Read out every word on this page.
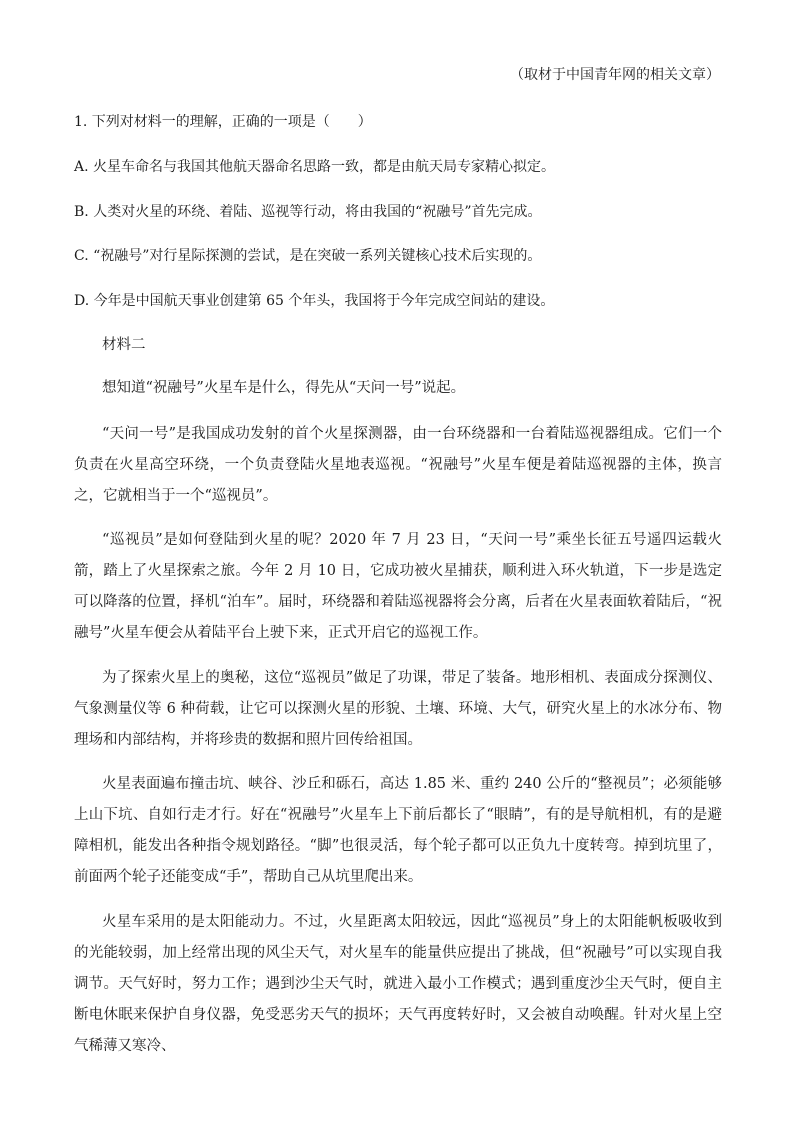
（取材于中国青年网的相关文章）
1. 下列对材料一的理解，正确的一项是（　　）
A. 火星车命名与我国其他航天器命名思路一致，都是由航天局专家精心拟定。
B. 人类对火星的环绕、着陆、巡视等行动，将由我国的“祝融号”首先完成。
C. “祝融号”对行星际探测的尝试，是在突破一系列关键核心技术后实现的。
D. 今年是中国航天事业创建第 65 个年头，我国将于今年完成空间站的建设。
材料二

想知道“祝融号”火星车是什么，得先从“天问一号”说起。

“天问一号”是我国成功发射的首个火星探测器，由一台环绕器和一台着陆巡视器组成。它们一个负责在火星高空环绕，一个负责登陆火星地表巡视。“祝融号”火星车便是着陆巡视器的主体，换言之，它就相当于一个“巡视员”。

“巡视员”是如何登陆到火星的呢？2020 年 7 月 23 日，“天问一号”乘坐长征五号遥四运载火箭，踏上了火星探索之旅。今年 2 月 10 日，它成功被火星捕获，顺利进入环火轨道，下一步是选定可以降落的位置，择机“泊车”。届时，环绕器和着陆巡视器将会分离，后者在火星表面软着陆后，“祝融号”火星车便会从着陆平台上驶下来，正式开启它的巡视工作。

为了探索火星上的奥秘，这位“巡视员”做足了功课，带足了装备。地形相机、表面成分探测仪、气象测量仪等 6 种荷载，让它可以探测火星的形貌、土壤、环境、大气，研究火星上的水冰分布、物理场和内部结构，并将珍贵的数据和照片回传给祖国。

火星表面遍布撞击坑、峡谷、沙丘和砾石，高达 1.85 米、重约 240 公斤的“整视员”；必须能够上山下坑、自如行走才行。好在“祝融号”火星车上下前后都长了“眼睛”，有的是导航相机，有的是避障相机，能发出各种指令规划路径。“脚”也很灵活，每个轮子都可以正负九十度转弯。掉到坑里了，前面两个轮子还能变成“手”，帮助自己从坑里爬出来。

火星车采用的是太阳能动力。不过，火星距离太阳较远，因此“巡视员”身上的太阳能帆板吸收到的光能较弱，加上经常出现的风尘天气，对火星车的能量供应提出了挑战，但“祝融号”可以实现自我调节。天气好时，努力工作；遇到沙尘天气时，就进入最小工作模式；遇到重度沙尘天气时，便自主断电休眠来保护自身仪器，免受恶劣天气的损坏；天气再度转好时，又会被自动唤醒。针对火星上空气稀薄又寒冷、
